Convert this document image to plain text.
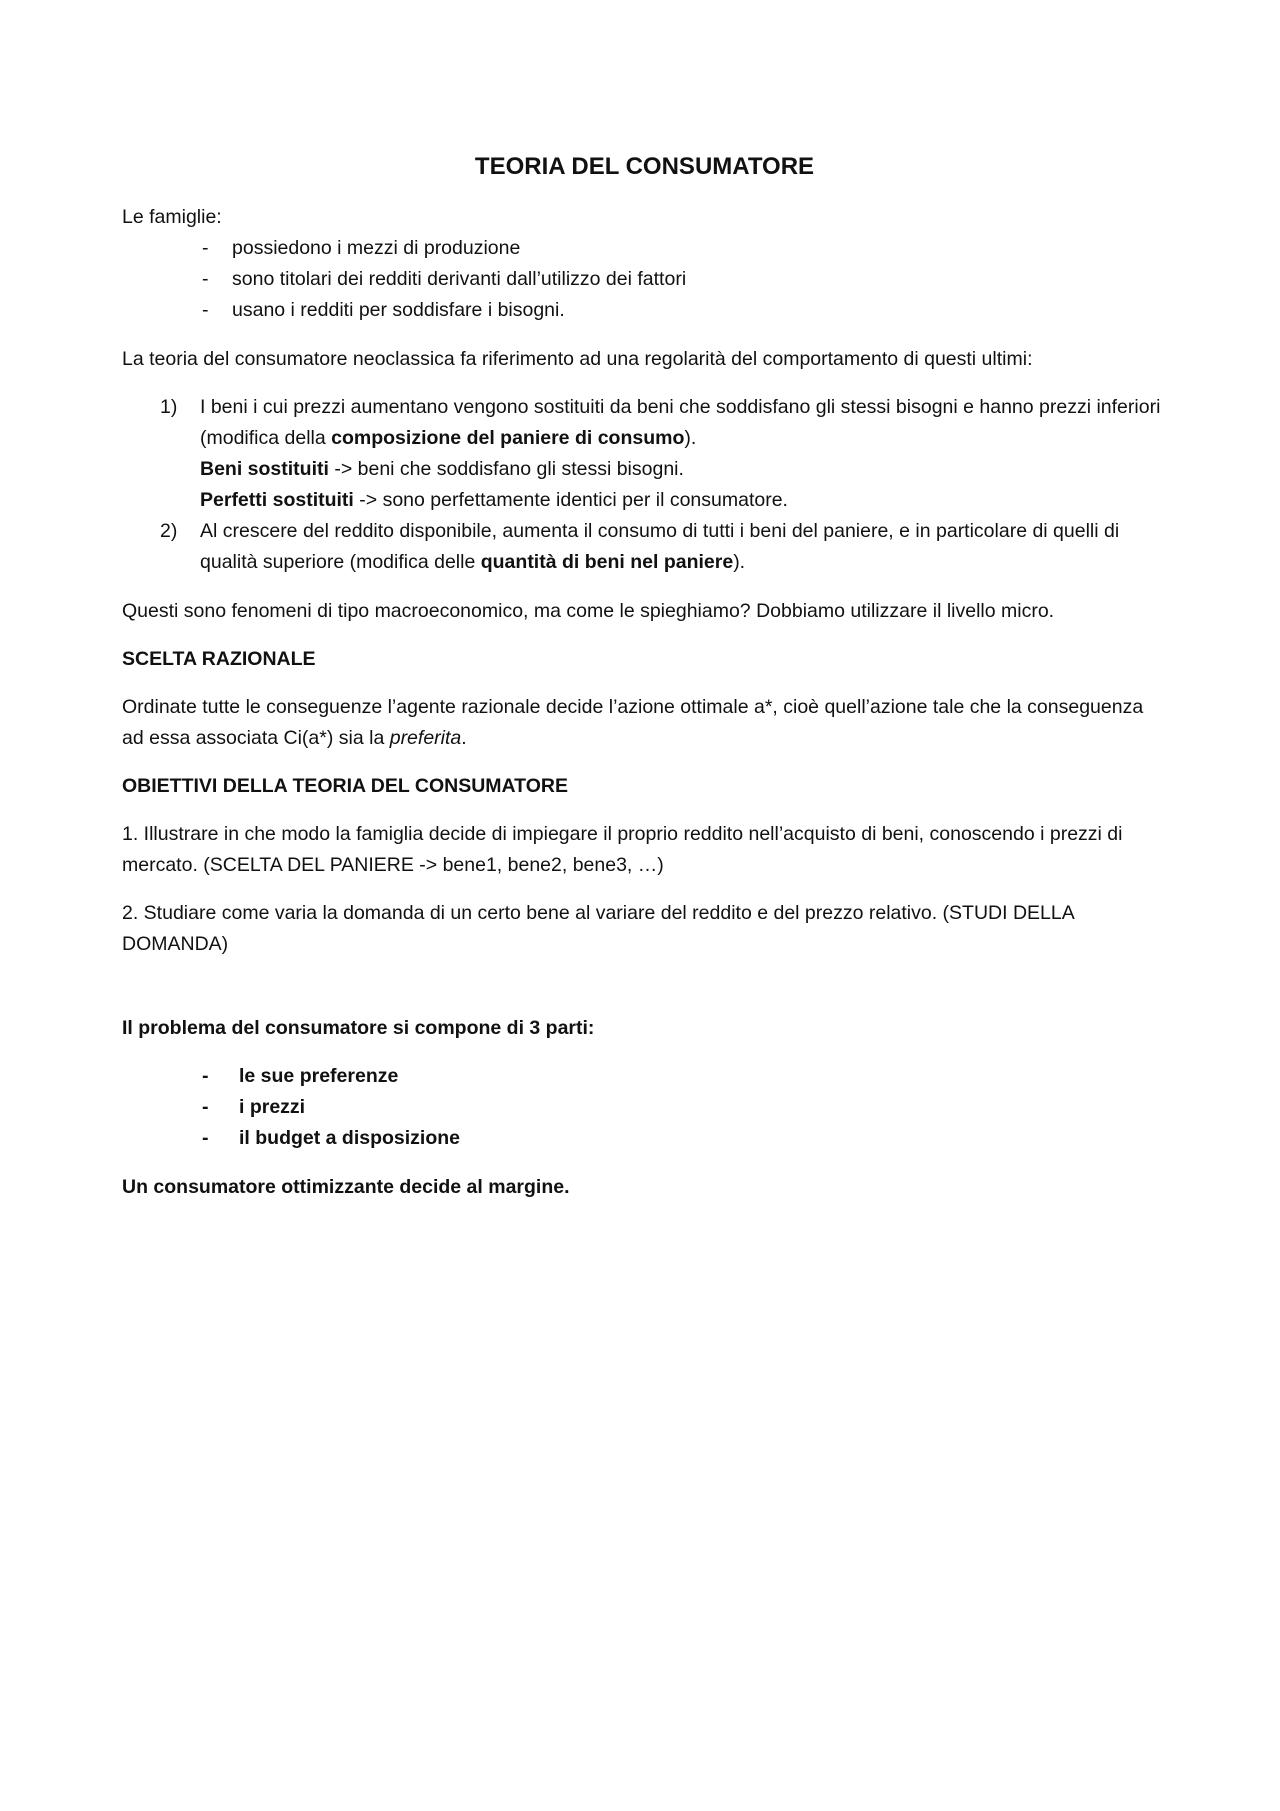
TEORIA DEL CONSUMATORE

Le famiglie:

- possiedono i mezzi di produzione
- sono titolari dei redditi derivanti dall’utilizzo dei fattori
- usano i redditi per soddisfare i bisogni.

La teoria del consumatore neoclassica fa riferimento ad una regolarità del comportamento di questi ultimi:

1) I beni i cui prezzi aumentano vengono sostituiti da beni che soddisfano gli stessi bisogni e hanno prezzi inferiori (modifica della composizione del paniere di consumo).
Beni sostituiti -> beni che soddisfano gli stessi bisogni.
Perfetti sostituiti -> sono perfettamente identici per il consumatore.
2) Al crescere del reddito disponibile, aumenta il consumo di tutti i beni del paniere, e in particolare di quelli di qualità superiore (modifica delle quantità di beni nel paniere).

Questi sono fenomeni di tipo macroeconomico, ma come le spieghiamo? Dobbiamo utilizzare il livello micro.

SCELTA RAZIONALE

Ordinate tutte le conseguenze l’agente razionale decide l’azione ottimale a*, cioè quell’azione tale che la conseguenza ad essa associata Ci(a*) sia la preferita.

OBIETTIVI DELLA TEORIA DEL CONSUMATORE

1. Illustrare in che modo la famiglia decide di impiegare il proprio reddito nell’acquisto di beni, conoscendo i prezzi di mercato. (SCELTA DEL PANIERE -> bene1, bene2, bene3, …)

2. Studiare come varia la domanda di un certo bene al variare del reddito e del prezzo relativo. (STUDI DELLA DOMANDA)

Il problema del consumatore si compone di 3 parti:

- le sue preferenze
- i prezzi
- il budget a disposizione

Un consumatore ottimizzante decide al margine.
